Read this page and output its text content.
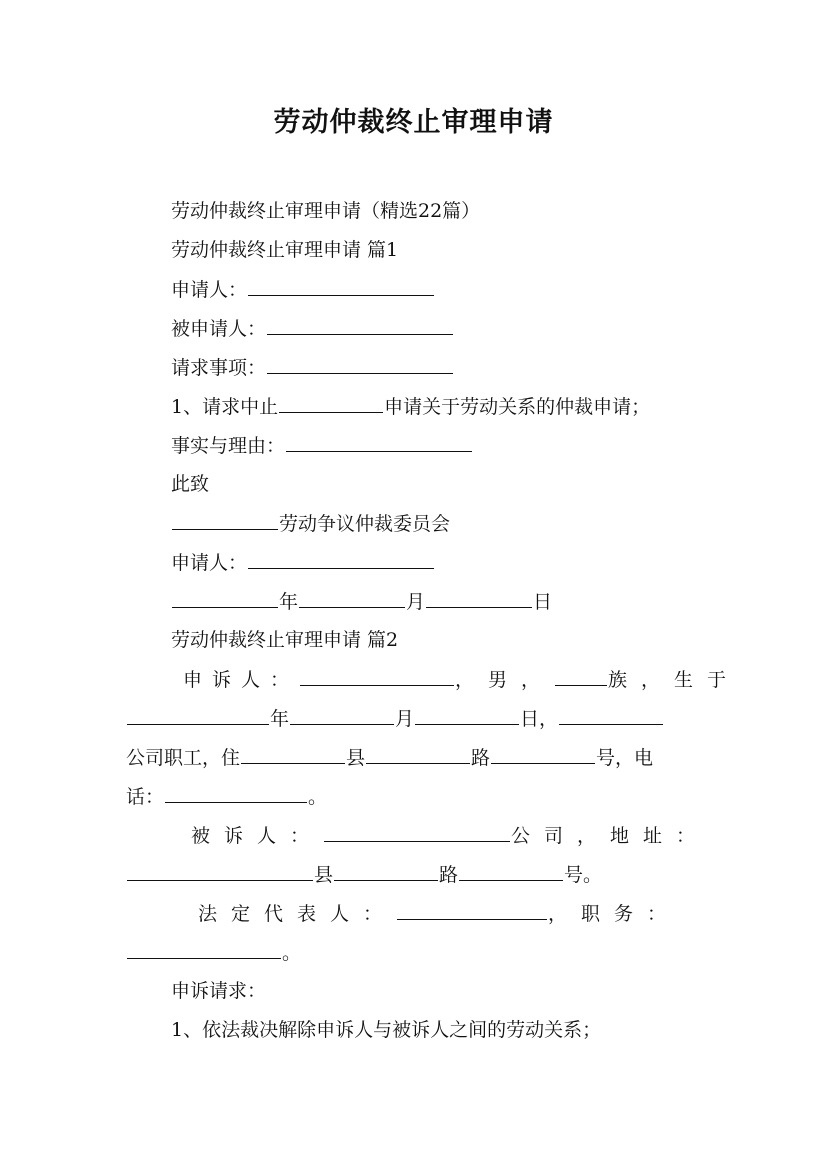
劳动仲裁终止审理申请
劳动仲裁终止审理申请（精选22篇）
劳动仲裁终止审理申请 篇1
申请人：
被申请人：
请求事项：
1、请求中止	申请关于劳动关系的仲裁申请；
事实与理由：
此致
劳动争议仲裁委员会
申请人：
年	月	日
劳动仲裁终止审理申请 篇2
申诉人：	，男，	族，生于
年	月	日，
公司职工，住	县	路	号，电
话：	。
被诉人：	公司，地址：
县	路	号。
法定代表人：	，职务：
。
申诉请求：
1、依法裁决解除申诉人与被诉人之间的劳动关系；
